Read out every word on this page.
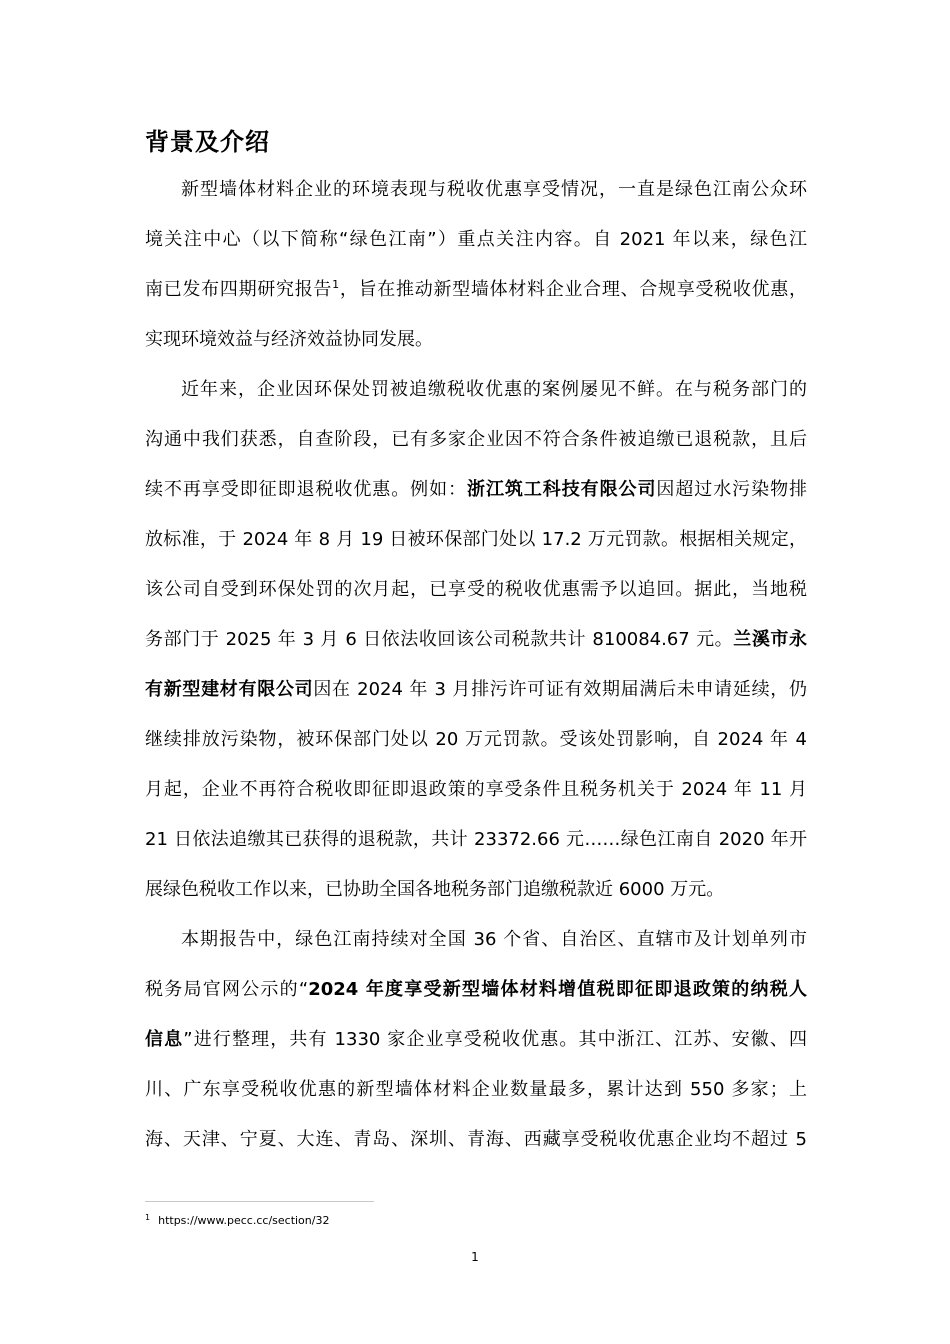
背景及介绍
新型墙体材料企业的环境表现与税收优惠享受情况，一直是绿色江南公众环
境关注中心（以下简称“绿色江南”）重点关注内容。自 2021 年以来，绿色江
南已发布四期研究报告$^1$，旨在推动新型墙体材料企业合理、合规享受税收优惠，
实现环境效益与经济效益协同发展。
近年来，企业因环保处罚被追缴税收优惠的案例屡见不鲜。在与税务部门的
沟通中我们获悉，自查阶段，已有多家企业因不符合条件被追缴已退税款，且后
续不再享受即征即退税收优惠。例如：浙江筑工科技有限公司因超过水污染物排
放标准，于 2024 年 8 月 19 日被环保部门处以 17.2 万元罚款。根据相关规定，
该公司自受到环保处罚的次月起，已享受的税收优惠需予以追回。据此，当地税
务部门于 2025 年 3 月 6 日依法收回该公司税款共计 810084.67 元。兰溪市永
有新型建材有限公司因在 2024 年 3 月排污许可证有效期届满后未申请延续，仍
继续排放污染物，被环保部门处以 20 万元罚款。受该处罚影响，自 2024 年 4
月起，企业不再符合税收即征即退政策的享受条件且税务机关于 2024 年 11 月
21 日依法追缴其已获得的退税款，共计 23372.66 元……绿色江南自 2020 年开
展绿色税收工作以来，已协助全国各地税务部门追缴税款近 6000 万元。
本期报告中，绿色江南持续对全国 36 个省、自治区、直辖市及计划单列市
税务局官网公示的“2024 年度享受新型墙体材料增值税即征即退政策的纳税人
信息”进行整理，共有 1330 家企业享受税收优惠。其中浙江、江苏、安徽、四
川、广东享受税收优惠的新型墙体材料企业数量最多，累计达到 550 多家；上
海、天津、宁夏、大连、青岛、深圳、青海、西藏享受税收优惠企业均不超过 5
$^1$ https://www.pecc.cc/section/32
1
